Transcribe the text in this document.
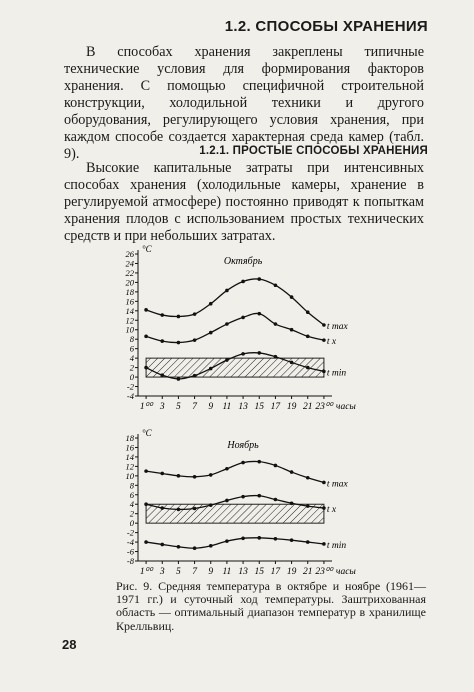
1.2. СПОСОБЫ ХРАНЕНИЯ

В способах хранения закреплены типичные технические условия для формирования факторов хранения. С помощью специфичной строительной конструкции, холодильной техники и другого оборудования, регулирующего условия хранения, при каждом способе создается характерная среда камер (табл. 9).	1.2.1. ПРОСТЫЕ СПОСОБЫ ХРАНЕНИЯ

Высокие капитальные затраты при интенсивных способах хранения (холодильные камеры, хранение в регулируемой атмосфере) постоянно приводят к попыткам хранения плодов с использованием простых технических средств и при небольших затратах.

°C
26
24
22
20
18
16
14
12
10
8
6
4
2
0
-2
-4
1⁰⁰ 3 5 7 9 11 13 15 17 19 21 23⁰⁰ часы
Октябрь
t max
t x
t min
°C
18
16
14
12
10
8
6
4
2
0
-2
-4
-6
-8
1⁰⁰ 3 5 7 9 11 13 15 17 19 21 23⁰⁰ часы
Ноябрь
t max
t x
t min
Рис. 9. Средняя температура в октябре и ноябре (1961—1971 гг.) и суточный ход температуры. Заштрихованная область — оптимальный диапазон температур в хранилище Крелльвиц.
28
